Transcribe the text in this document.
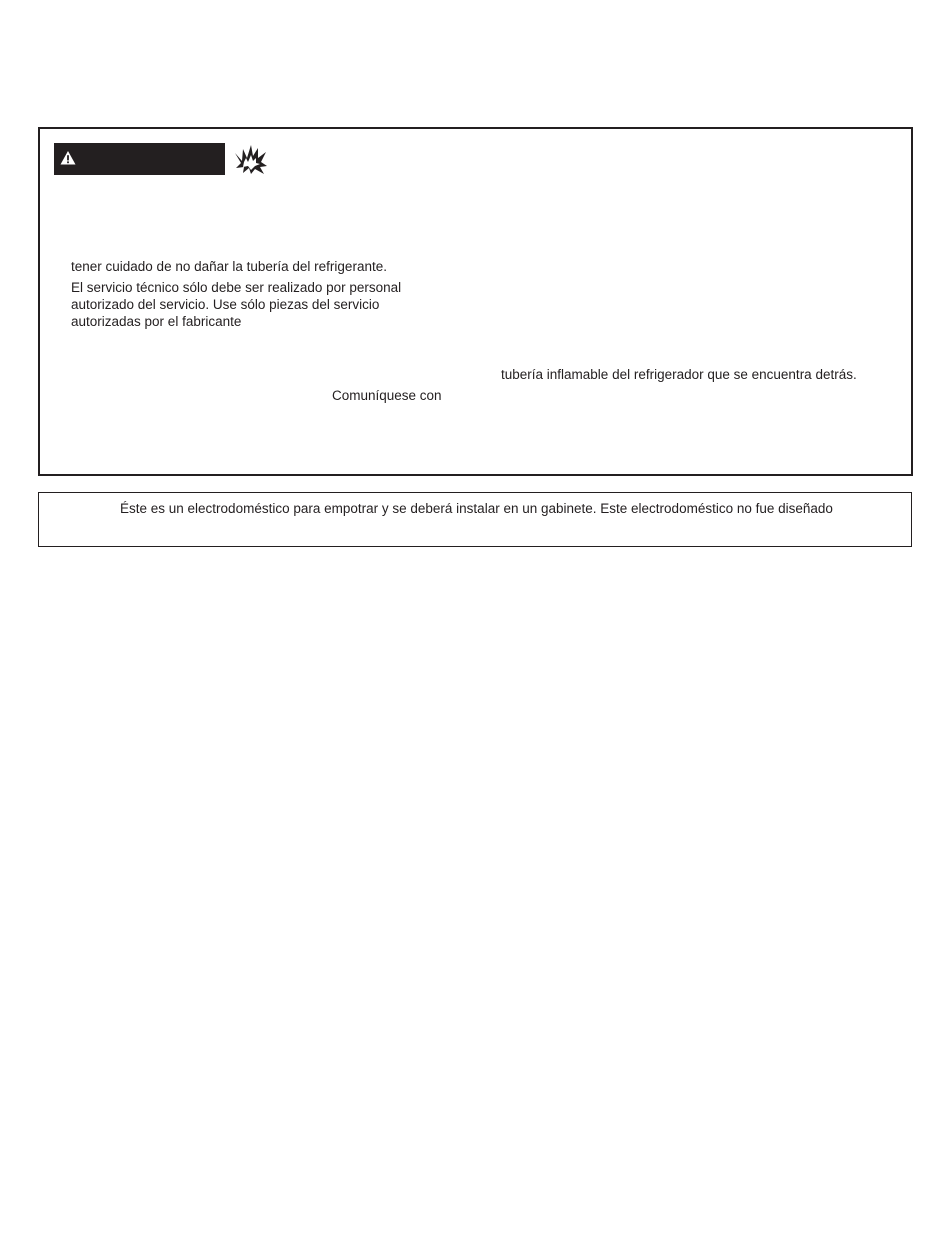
tener cuidado de no dañar la tubería del refrigerante.

El servicio técnico sólo debe ser realizado por personal

autorizado del servicio. Use sólo piezas del servicio

autorizadas por el fabricante

tubería inflamable del refrigerador que se encuentra detrás.

Comuníquese con

Éste es un electrodoméstico para empotrar y se deberá instalar en un gabinete. Este electrodoméstico no fue diseñado
